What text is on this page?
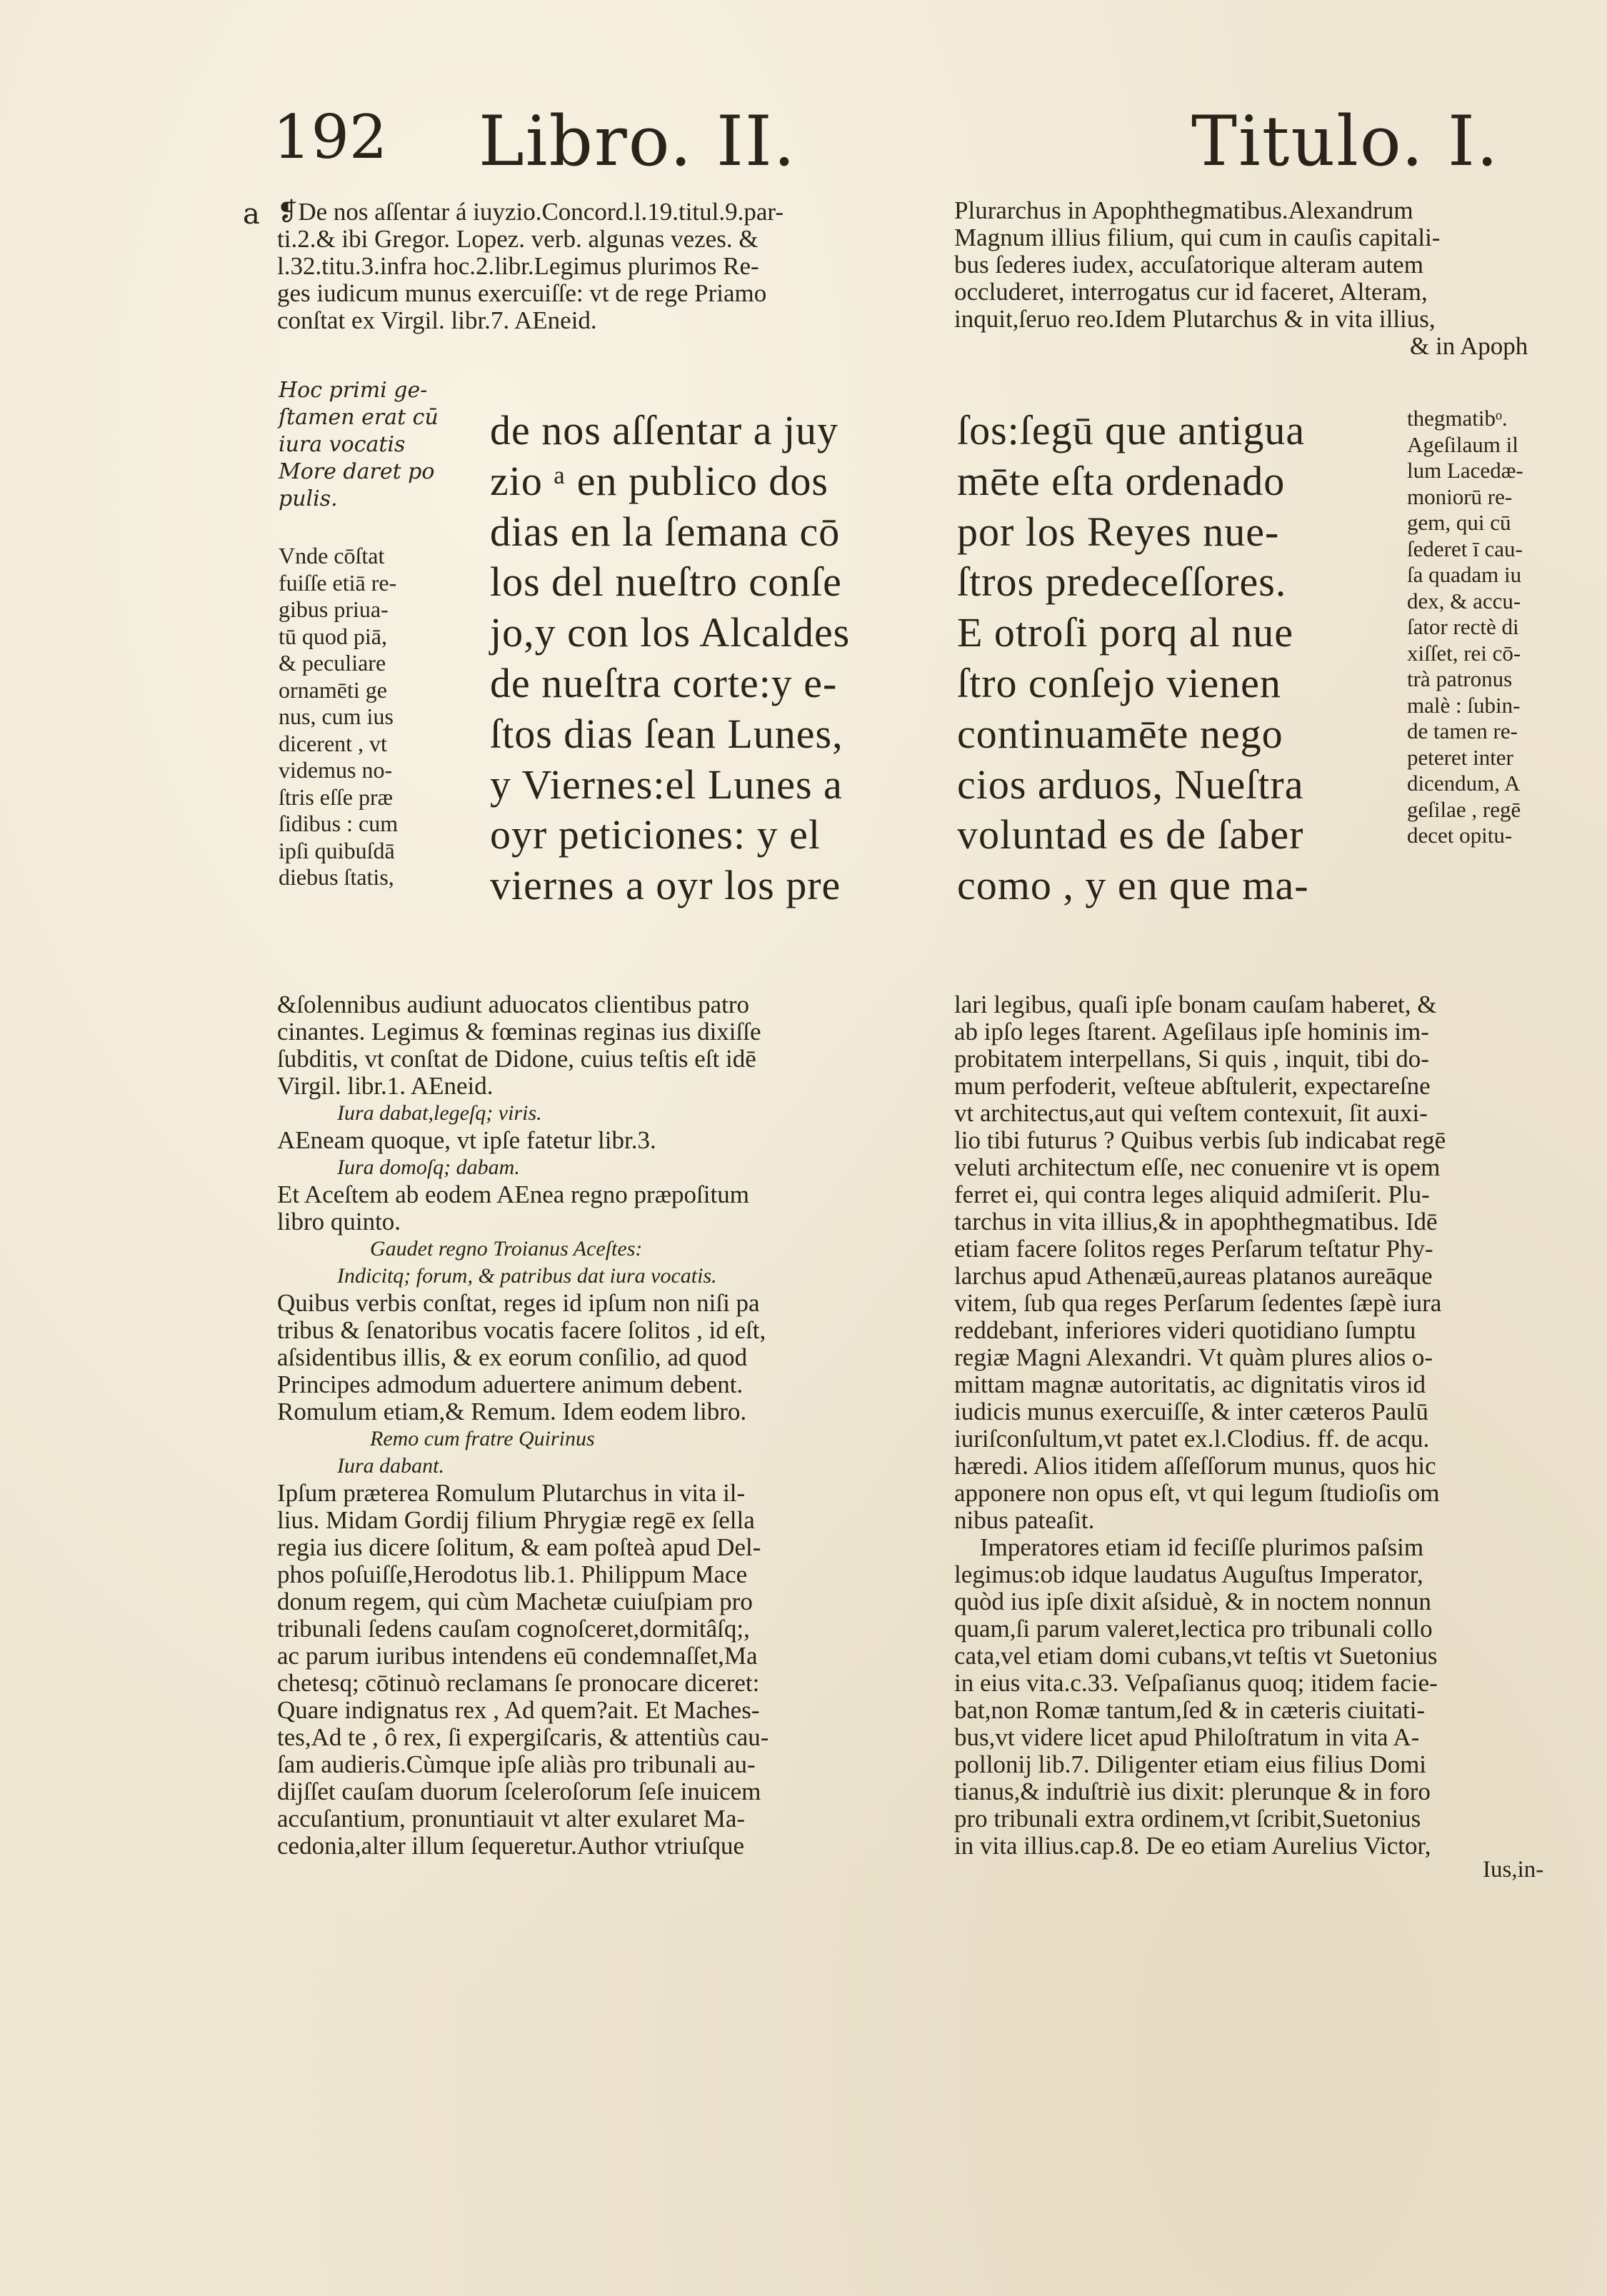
192 Libro. II.	Titulo. I.
a ❡De nos aſſentar á iuyzio.Concord.l.19.titul.9.par-
ti.2.& ibi Gregor. Lopez. verb. algunas vezes. &
l.32.titu.3.infra hoc.2.libr.Legimus plurimos Re-
ges iudicum munus exercuiſſe: vt de rege Priamo
conſtat ex Virgil. libr.7. AEneid.
Hoc primi ge-
ſtamen erat cū
iura vocatis
More daret po
pulis.
Vnde cōſtat
fuiſſe etiā re-
gibus priua-
tū quod piā,
& peculiare
ornamēti ge
nus, cum ius
dicerent , vt
videmus no-
ſtris eſſe præ
ſidibus : cum
ipſi quibuſdā
diebus ſtatis,
de nos aſſentar a juy
zio ᵃ en publico dos
dias en la ſemana cō
los del nueſtro conſe
jo,y con los Alcaldes
de nueſtra corte:y e-
ſtos dias ſean Lunes,
y Viernes:el Lunes a
oyr peticiones: y el
viernes a oyr los pre
&ſolennibus audiunt aduocatos clientibus patro
cinantes. Legimus & fœminas reginas ius dixiſſe
ſubditis, vt conſtat de Didone, cuius teſtis eſt idē
Virgil. libr.1. AEneid.
Iura dabat,legeſq; viris.
AEneam quoque, vt ipſe fatetur libr.3.
Iura domoſq; dabam.
Et Aceſtem ab eodem AEnea regno præpoſitum
libro quinto.
Gaudet regno Troianus Aceſtes:
Indicitq; forum, & patribus dat iura vocatis.
Quibus verbis conſtat, reges id ipſum non niſi pa
tribus & ſenatoribus vocatis facere ſolitos , id eſt,
aſsidentibus illis, & ex eorum conſilio, ad quod
Principes admodum aduertere animum debent.
Romulum etiam,& Remum. Idem eodem libro.
Remo cum fratre Quirinus
Iura dabant.
Ipſum præterea Romulum Plutarchus in vita il-
lius. Midam Gordij filium Phrygiæ regē ex ſella
regia ius dicere ſolitum, & eam poſteà apud Del-
phos poſuiſſe,Herodotus lib.1. Philippum Mace
donum regem, qui cùm Machetæ cuiuſpiam pro
tribunali ſedens cauſam cognoſceret,dormitâſq;,
ac parum iuribus intendens eū condemnaſſet,Ma
chetesq; cōtinuò reclamans ſe pronocare diceret:
Quare indignatus rex , Ad quem?ait. Et Maches-
tes,Ad te , ô rex, ſi expergiſcaris, & attentiùs cau-
ſam audieris.Cùmque ipſe aliàs pro tribunali au-
dijſſet cauſam duorum ſceleroſorum ſeſe inuicem
accuſantium, pronuntiauit vt alter exularet Ma-
cedonia,alter illum ſequeretur.Author vtriuſque
Plurarchus in Apophthegmatibus.Alexandrum
Magnum illius filium, qui cum in cauſis capitali-
bus ſederes iudex, accuſatorique alteram autem
occluderet, interrogatus cur id faceret, Alteram,
inquit,ſeruo reo.Idem Plutarchus & in vita illius,
& in Apoph
ſos:ſegū que antigua
mēte eſta ordenado
por los Reyes nue-
ſtros predeceſſores.
E otroſi porq al nue
ſtro conſejo vienen
continuamēte nego
cios arduos, Nueſtra
voluntad es de ſaber
como , y en que ma-
thegmatibᵒ.
Ageſilaum il
lum Lacedæ-
moniorū re-
gem, qui cū
ſederet ī cau-
ſa quadam iu
dex, & accu-
ſator rectè di
xiſſet, rei cō-
trà patronus
malè : ſubin-
de tamen re-
peteret inter
dicendum, A
geſilae , regē
decet opitu-
lari legibus, quaſi ipſe bonam cauſam haberet, &
ab ipſo leges ſtarent. Ageſilaus ipſe hominis im-
probitatem interpellans, Si quis , inquit, tibi do-
mum perfoderit, veſteue abſtulerit, expectareſne
vt architectus,aut qui veſtem contexuit, ſit auxi-
lio tibi futurus ? Quibus verbis ſub indicabat regē
veluti architectum eſſe, nec conuenire vt is opem
ferret ei, qui contra leges aliquid admiſerit. Plu-
tarchus in vita illius,& in apophthegmatibus. Idē
etiam facere ſolitos reges Perſarum teſtatur Phy-
larchus apud Athenæū,aureas platanos aureāque
vitem, ſub qua reges Perſarum ſedentes ſæpè iura
reddebant, inferiores videri quotidiano ſumptu
regiæ Magni Alexandri. Vt quàm plures alios o-
mittam magnæ autoritatis, ac dignitatis viros id
iudicis munus exercuiſſe, & inter cæteros Paulū
iuriſconſultum,vt patet ex.l.Clodius. ff. de acqu.
hæredi. Alios itidem aſſeſſorum munus, quos hic
apponere non opus eſt, vt qui legum ſtudioſis om
nibus pateaſit.
Imperatores etiam id feciſſe plurimos paſsim
legimus:ob idque laudatus Auguſtus Imperator,
quòd ius ipſe dixit aſsiduè, & in noctem nonnun
quam,ſi parum valeret,lectica pro tribunali collo
cata,vel etiam domi cubans,vt teſtis vt Suetonius
in eius vita.c.33. Veſpaſianus quoq; itidem facie-
bat,non Romæ tantum,ſed & in cæteris ciuitati-
bus,vt videre licet apud Philoſtratum in vita A-
pollonij lib.7. Diligenter etiam eius filius Domi
tianus,& induſtriè ius dixit: plerunque & in foro
pro tribunali extra ordinem,vt ſcribit,Suetonius
in vita illius.cap.8. De eo etiam Aurelius Victor,
Ius,in-
